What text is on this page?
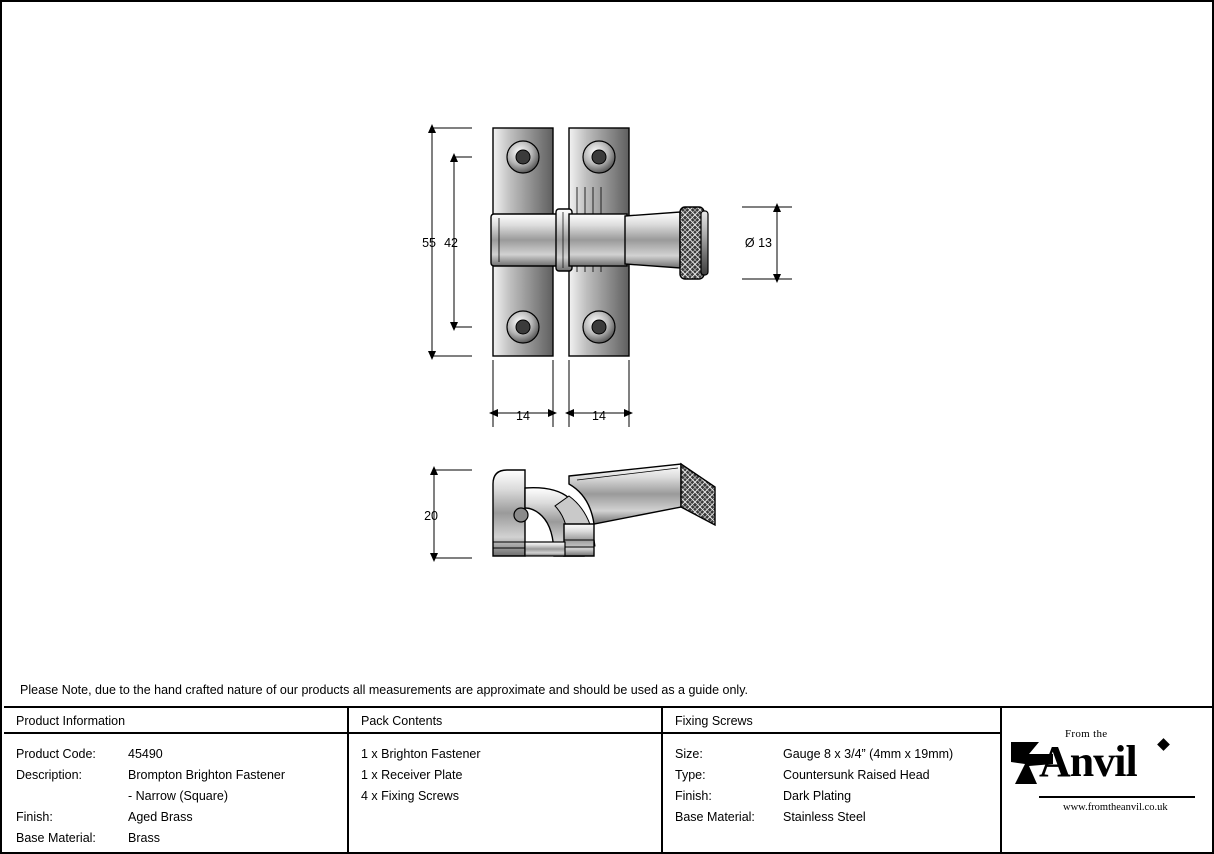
55 42	Ø 13
14	14
20
Please Note, due to the hand crafted nature of our products all measurements are approximate and should be used as a guide only.
Product Information
Product Code:	45490
Description:	Brompton Brighton Fastener
- Narrow (Square)
Finish:	Aged Brass
Base Material:	Brass
Pack Contents
1 x Brighton Fastener
1 x Receiver Plate
4 x Fixing Screws
Fixing Screws
Size:	Gauge 8 x 3/4” (4mm x 19mm)
Type:	Countersunk Raised Head
Finish:	Dark Plating
Base Material:	Stainless Steel
From the
Anvil
www.fromtheanvil.co.uk
